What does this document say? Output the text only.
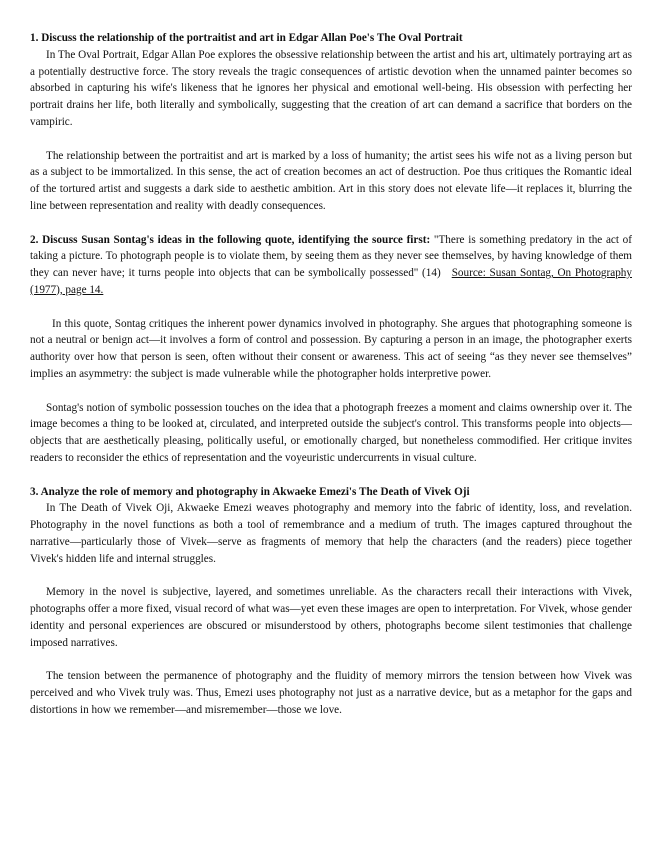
1. Discuss the relationship of the portraitist and art in Edgar Allan Poe's The Oval Portrait

In The Oval Portrait, Edgar Allan Poe explores the obsessive relationship between the artist and his art, ultimately portraying art as a potentially destructive force. The story reveals the tragic consequences of artistic devotion when the unnamed painter becomes so absorbed in capturing his wife's likeness that he ignores her physical and emotional well-being. His obsession with perfecting her portrait drains her life, both literally and symbolically, suggesting that the creation of art can demand a sacrifice that borders on the vampiric.

The relationship between the portraitist and art is marked by a loss of humanity; the artist sees his wife not as a living person but as a subject to be immortalized. In this sense, the act of creation becomes an act of destruction. Poe thus critiques the Romantic ideal of the tortured artist and suggests a dark side to aesthetic ambition. Art in this story does not elevate life—it replaces it, blurring the line between representation and reality with deadly consequences.

2. Discuss Susan Sontag's ideas in the following quote, identifying the source first: "There is something predatory in the act of taking a picture. To photograph people is to violate them, by seeing them as they never see themselves, by having knowledge of them they can never have; it turns people into objects that can be symbolically possessed" (14) Source: Susan Sontag, On Photography (1977), page 14.

In this quote, Sontag critiques the inherent power dynamics involved in photography. She argues that photographing someone is not a neutral or benign act—it involves a form of control and possession. By capturing a person in an image, the photographer exerts authority over how that person is seen, often without their consent or awareness. This act of seeing “as they never see themselves” implies an asymmetry: the subject is made vulnerable while the photographer holds interpretive power.

Sontag's notion of symbolic possession touches on the idea that a photograph freezes a moment and claims ownership over it. The image becomes a thing to be looked at, circulated, and interpreted outside the subject's control. This transforms people into objects—objects that are aesthetically pleasing, politically useful, or emotionally charged, but nonetheless commodified. Her critique invites readers to reconsider the ethics of representation and the voyeuristic undercurrents in visual culture.

3. Analyze the role of memory and photography in Akwaeke Emezi's The Death of Vivek Oji

In The Death of Vivek Oji, Akwaeke Emezi weaves photography and memory into the fabric of identity, loss, and revelation. Photography in the novel functions as both a tool of remembrance and a medium of truth. The images captured throughout the narrative—particularly those of Vivek—serve as fragments of memory that help the characters (and the readers) piece together Vivek's hidden life and internal struggles.

Memory in the novel is subjective, layered, and sometimes unreliable. As the characters recall their interactions with Vivek, photographs offer a more fixed, visual record of what was—yet even these images are open to interpretation. For Vivek, whose gender identity and personal experiences are obscured or misunderstood by others, photographs become silent testimonies that challenge imposed narratives.

The tension between the permanence of photography and the fluidity of memory mirrors the tension between how Vivek was perceived and who Vivek truly was. Thus, Emezi uses photography not just as a narrative device, but as a metaphor for the gaps and distortions in how we remember—and misremember—those we love.
